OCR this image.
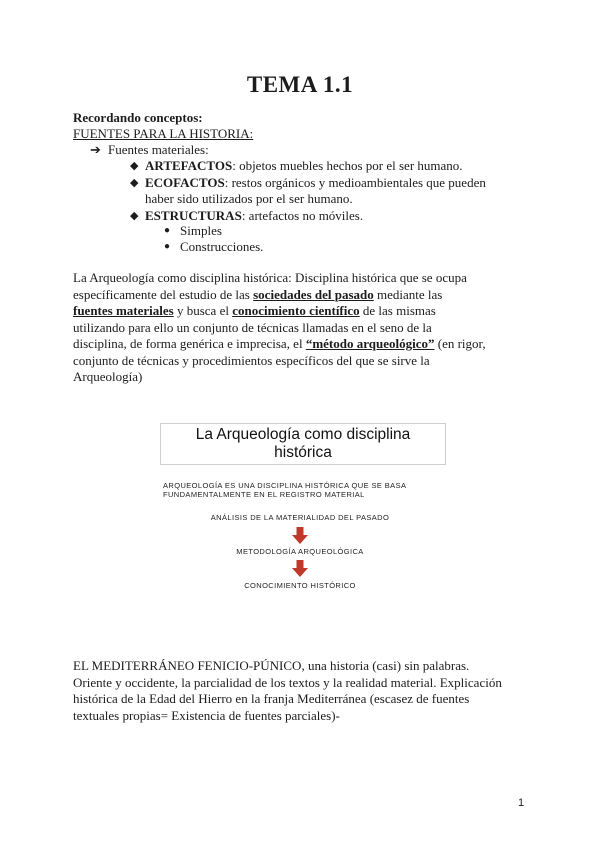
TEMA 1.1
Recordando conceptos:
FUENTES PARA LA HISTORIA:
➔ Fuentes materiales:
◆ ARTEFACTOS: objetos muebles hechos por el ser humano.
◆ ECOFACTOS: restos orgánicos y medioambientales que pueden
haber sido utilizados por el ser humano.
◆ ESTRUCTURAS: artefactos no móviles.
● Simples
● Construcciones.
La Arqueología como disciplina histórica: Disciplina histórica que se ocupa
específicamente del estudio de las sociedades del pasado mediante las
fuentes materiales y busca el conocimiento científico de las mismas
utilizando para ello un conjunto de técnicas llamadas en el seno de la
disciplina, de forma genérica e imprecisa, el “método arqueológico” (en rigor,
conjunto de técnicas y procedimientos específicos del que se sirve la
Arqueología)
La Arqueología como disciplina
histórica
ARQUEOLOGÍA ES UNA DISCIPLINA HISTÓRICA QUE SE BASA
FUNDAMENTALMENTE EN EL REGISTRO MATERIAL
ANÁLISIS DE LA MATERIALIDAD DEL PASADO
METODOLOGÍA ARQUEOLÓGICA
CONOCIMIENTO HISTÓRICO
EL MEDITERRÁNEO FENICIO-PÚNICO, una historia (casi) sin palabras.
Oriente y occidente, la parcialidad de los textos y la realidad material. Explicación
histórica de la Edad del Hierro en la franja Mediterránea (escasez de fuentes
textuales propias= Existencia de fuentes parciales)-
1
